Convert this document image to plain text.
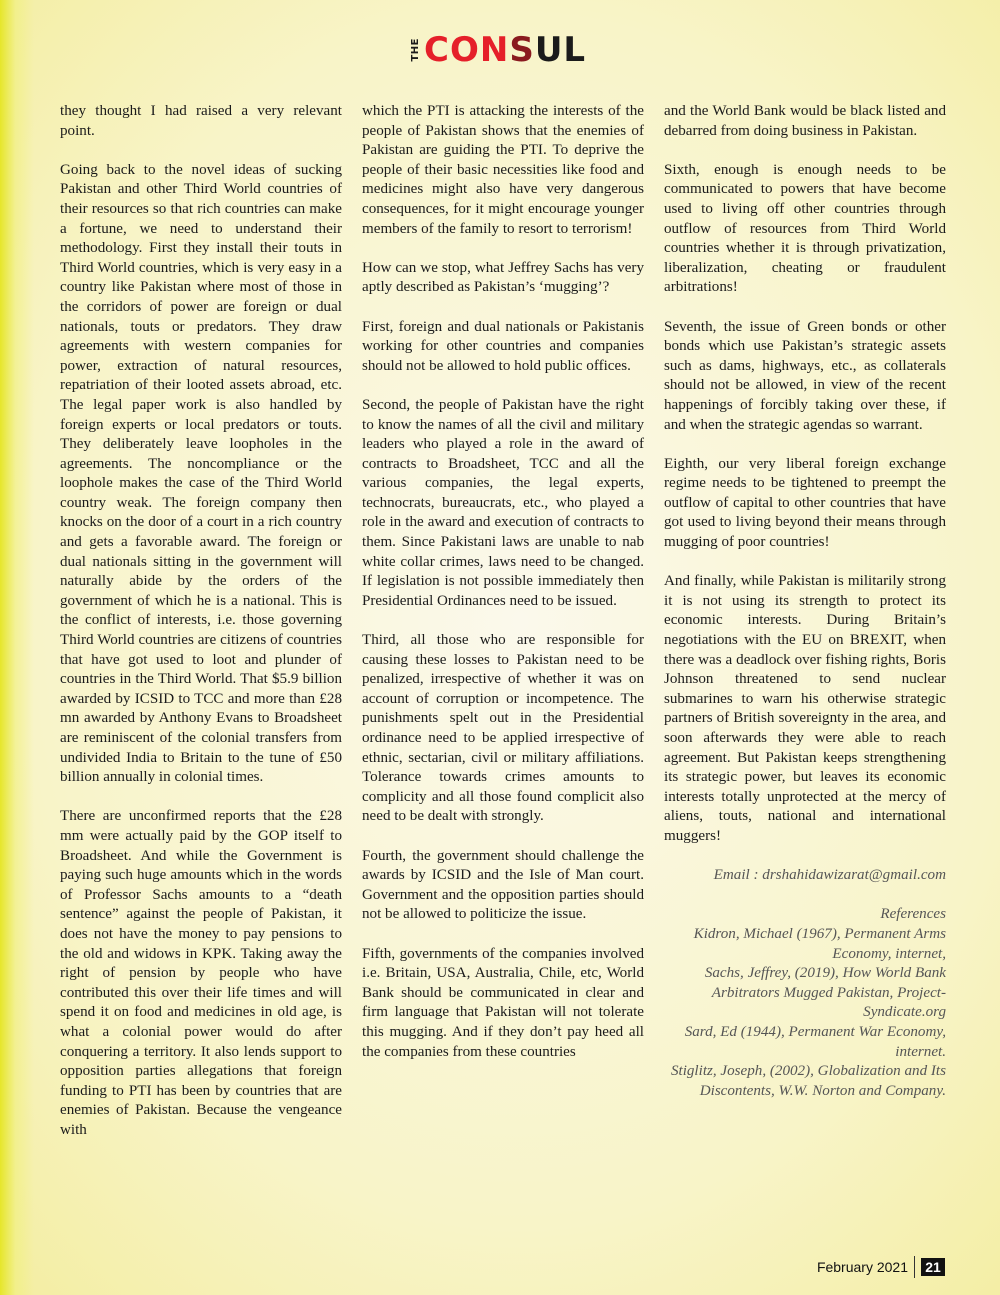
THE CONSUL

they thought I had raised a very relevant point.

Going back to the novel ideas of sucking Pakistan and other Third World countries of their resources so that rich countries can make a fortune, we need to understand their methodology. First they install their touts in Third World countries, which is very easy in a country like Pakistan where most of those in the corridors of power are foreign or dual nationals, touts or predators. They draw agreements with western companies for power, extraction of natural resources, repatriation of their looted assets abroad, etc. The legal paper work is also handled by foreign experts or local predators or touts. They deliberately leave loopholes in the agreements. The noncompliance or the loophole makes the case of the Third World country weak. The foreign company then knocks on the door of a court in a rich country and gets a favorable award. The foreign or dual nationals sitting in the government will naturally abide by the orders of the government of which he is a national. This is the conflict of interests, i.e. those governing Third World countries are citizens of countries that have got used to loot and plunder of countries in the Third World. That $5.9 billion awarded by ICSID to TCC and more than £28 mn awarded by Anthony Evans to Broadsheet are reminiscent of the colonial transfers from undivided India to Britain to the tune of £50 billion annually in colonial times.

There are unconfirmed reports that the £28 mm were actually paid by the GOP itself to Broadsheet. And while the Government is paying such huge amounts which in the words of Professor Sachs amounts to a “death sentence” against the people of Pakistan, it does not have the money to pay pensions to the old and widows in KPK. Taking away the right of pension by people who have contributed this over their life times and will spend it on food and medicines in old age, is what a colonial power would do after conquering a territory. It also lends support to opposition parties allegations that foreign funding to PTI has been by countries that are enemies of Pakistan. Because the vengeance with

which the PTI is attacking the interests of the people of Pakistan shows that the enemies of Pakistan are guiding the PTI. To deprive the people of their basic necessities like food and medicines might also have very dangerous consequences, for it might encourage younger members of the family to resort to terrorism!

How can we stop, what Jeffrey Sachs has very aptly described as Pakistan’s ‘mugging’?

First, foreign and dual nationals or Pakistanis working for other countries and companies should not be allowed to hold public offices.

Second, the people of Pakistan have the right to know the names of all the civil and military leaders who played a role in the award of contracts to Broadsheet, TCC and all the various companies, the legal experts, technocrats, bureaucrats, etc., who played a role in the award and execution of contracts to them. Since Pakistani laws are unable to nab white collar crimes, laws need to be changed. If legislation is not possible immediately then Presidential Ordinances need to be issued.

Third, all those who are responsible for causing these losses to Pakistan need to be penalized, irrespective of whether it was on account of corruption or incompetence. The punishments spelt out in the Presidential ordinance need to be applied irrespective of ethnic, sectarian, civil or military affiliations. Tolerance towards crimes amounts to complicity and all those found complicit also need to be dealt with strongly.

Fourth, the government should challenge the awards by ICSID and the Isle of Man court. Government and the opposition parties should not be allowed to politicize the issue.

Fifth, governments of the companies involved i.e. Britain, USA, Australia, Chile, etc, World Bank should be communicated in clear and firm language that Pakistan will not tolerate this mugging. And if they don’t pay heed all the companies from these countries

and the World Bank would be black listed and debarred from doing business in Pakistan.

Sixth, enough is enough needs to be communicated to powers that have become used to living off other countries through outflow of resources from Third World countries whether it is through privatization, liberalization, cheating or fraudulent arbitrations!

Seventh, the issue of Green bonds or other bonds which use Pakistan’s strategic assets such as dams, highways, etc., as collaterals should not be allowed, in view of the recent happenings of forcibly taking over these, if and when the strategic agendas so warrant.

Eighth, our very liberal foreign exchange regime needs to be tightened to preempt the outflow of capital to other countries that have got used to living beyond their means through mugging of poor countries!

And finally, while Pakistan is militarily strong it is not using its strength to protect its economic interests. During Britain’s negotiations with the EU on BREXIT, when there was a deadlock over fishing rights, Boris Johnson threatened to send nuclear submarines to warn his otherwise strategic partners of British sovereignty in the area, and soon afterwards they were able to reach agreement. But Pakistan keeps strengthening its strategic power, but leaves its economic interests totally unprotected at the mercy of aliens, touts, national and international muggers!

Email : drshahidawizarat@gmail.com

References
Kidron, Michael (1967), Permanent Arms Economy, internet,
Sachs, Jeffrey, (2019), How World Bank Arbitrators Mugged Pakistan, Project-Syndicate.org
Sard, Ed (1944), Permanent War Economy, internet.
Stiglitz, Joseph, (2002), Globalization and Its Discontents, W.W. Norton and Company.
February 2021	21
